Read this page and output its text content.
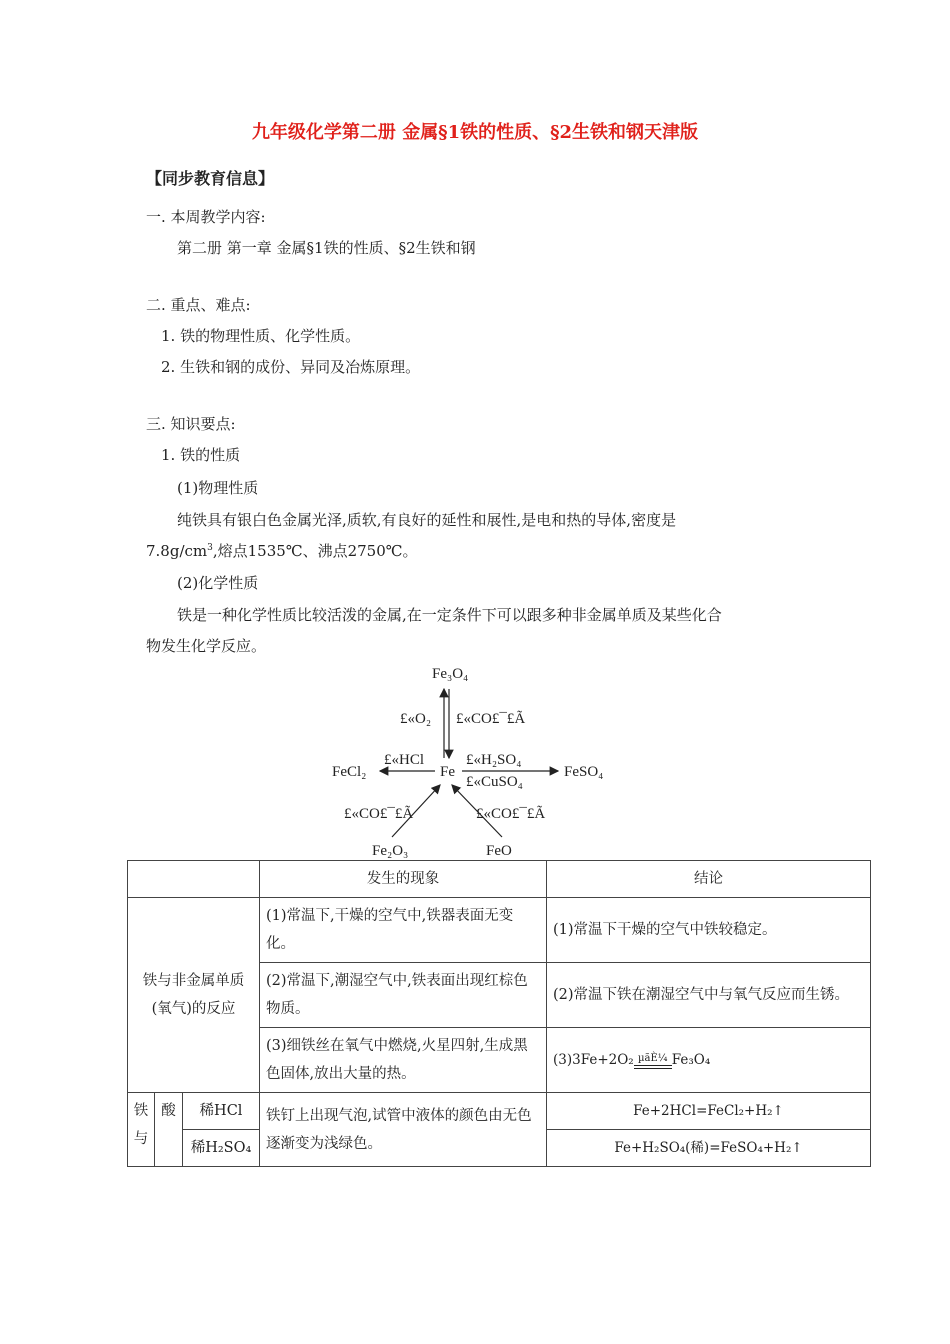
九年级化学第二册 金属§1铁的性质、§2生铁和钢天津版
【同步教育信息】
一. 本周教学内容:
第二册 第一章 金属§1铁的性质、§2生铁和钢
二. 重点、难点:
1. 铁的物理性质、化学性质。
2. 生铁和钢的成份、异同及冶炼原理。
三. 知识要点:
1. 铁的性质
(1)物理性质
纯铁具有银白色金属光泽,质软,有良好的延性和展性,是电和热的导体,密度是
$7.8g/cm^3$,熔点1535℃、沸点2750℃。
(2)化学性质
铁是一种化学性质比较活泼的金属,在一定条件下可以跟多种非金属单质及某些化合
物发生化学反应。
Fe₃O₄
£«O₂ £«CO£¯£Ã
Fe
FeCl₂
£«HCl
FeSO₄
£«H₂SO₄
£«CuSO₄
Fe₂O₃
£«CO£¯£Ã
FeO
£«CO£¯£Ã
			发生的现象	结论
铁与非金属单质(氧气)的反应			(1)常温下,干燥的空气中,铁器表面无变化。	(1)常温下干燥的空气中铁较稳定。
			(2)常温下,潮湿空气中,铁表面出现红棕色物质。	(2)常温下铁在潮湿空气中与氧气反应而生锈。
			(3)细铁丝在氧气中燃烧,火星四射,生成黑色固体,放出大量的热。	(3)3Fe+2O₂ µãÈ¼ Fe₃O₄
铁与	酸	稀HCl	铁钉上出现气泡,试管中液体的颜色由无色逐渐变为浅绿色。	Fe+2HCl=FeCl₂+H₂↑
		稀H₂SO₄		Fe+H₂SO₄(稀)=FeSO₄+H₂↑
